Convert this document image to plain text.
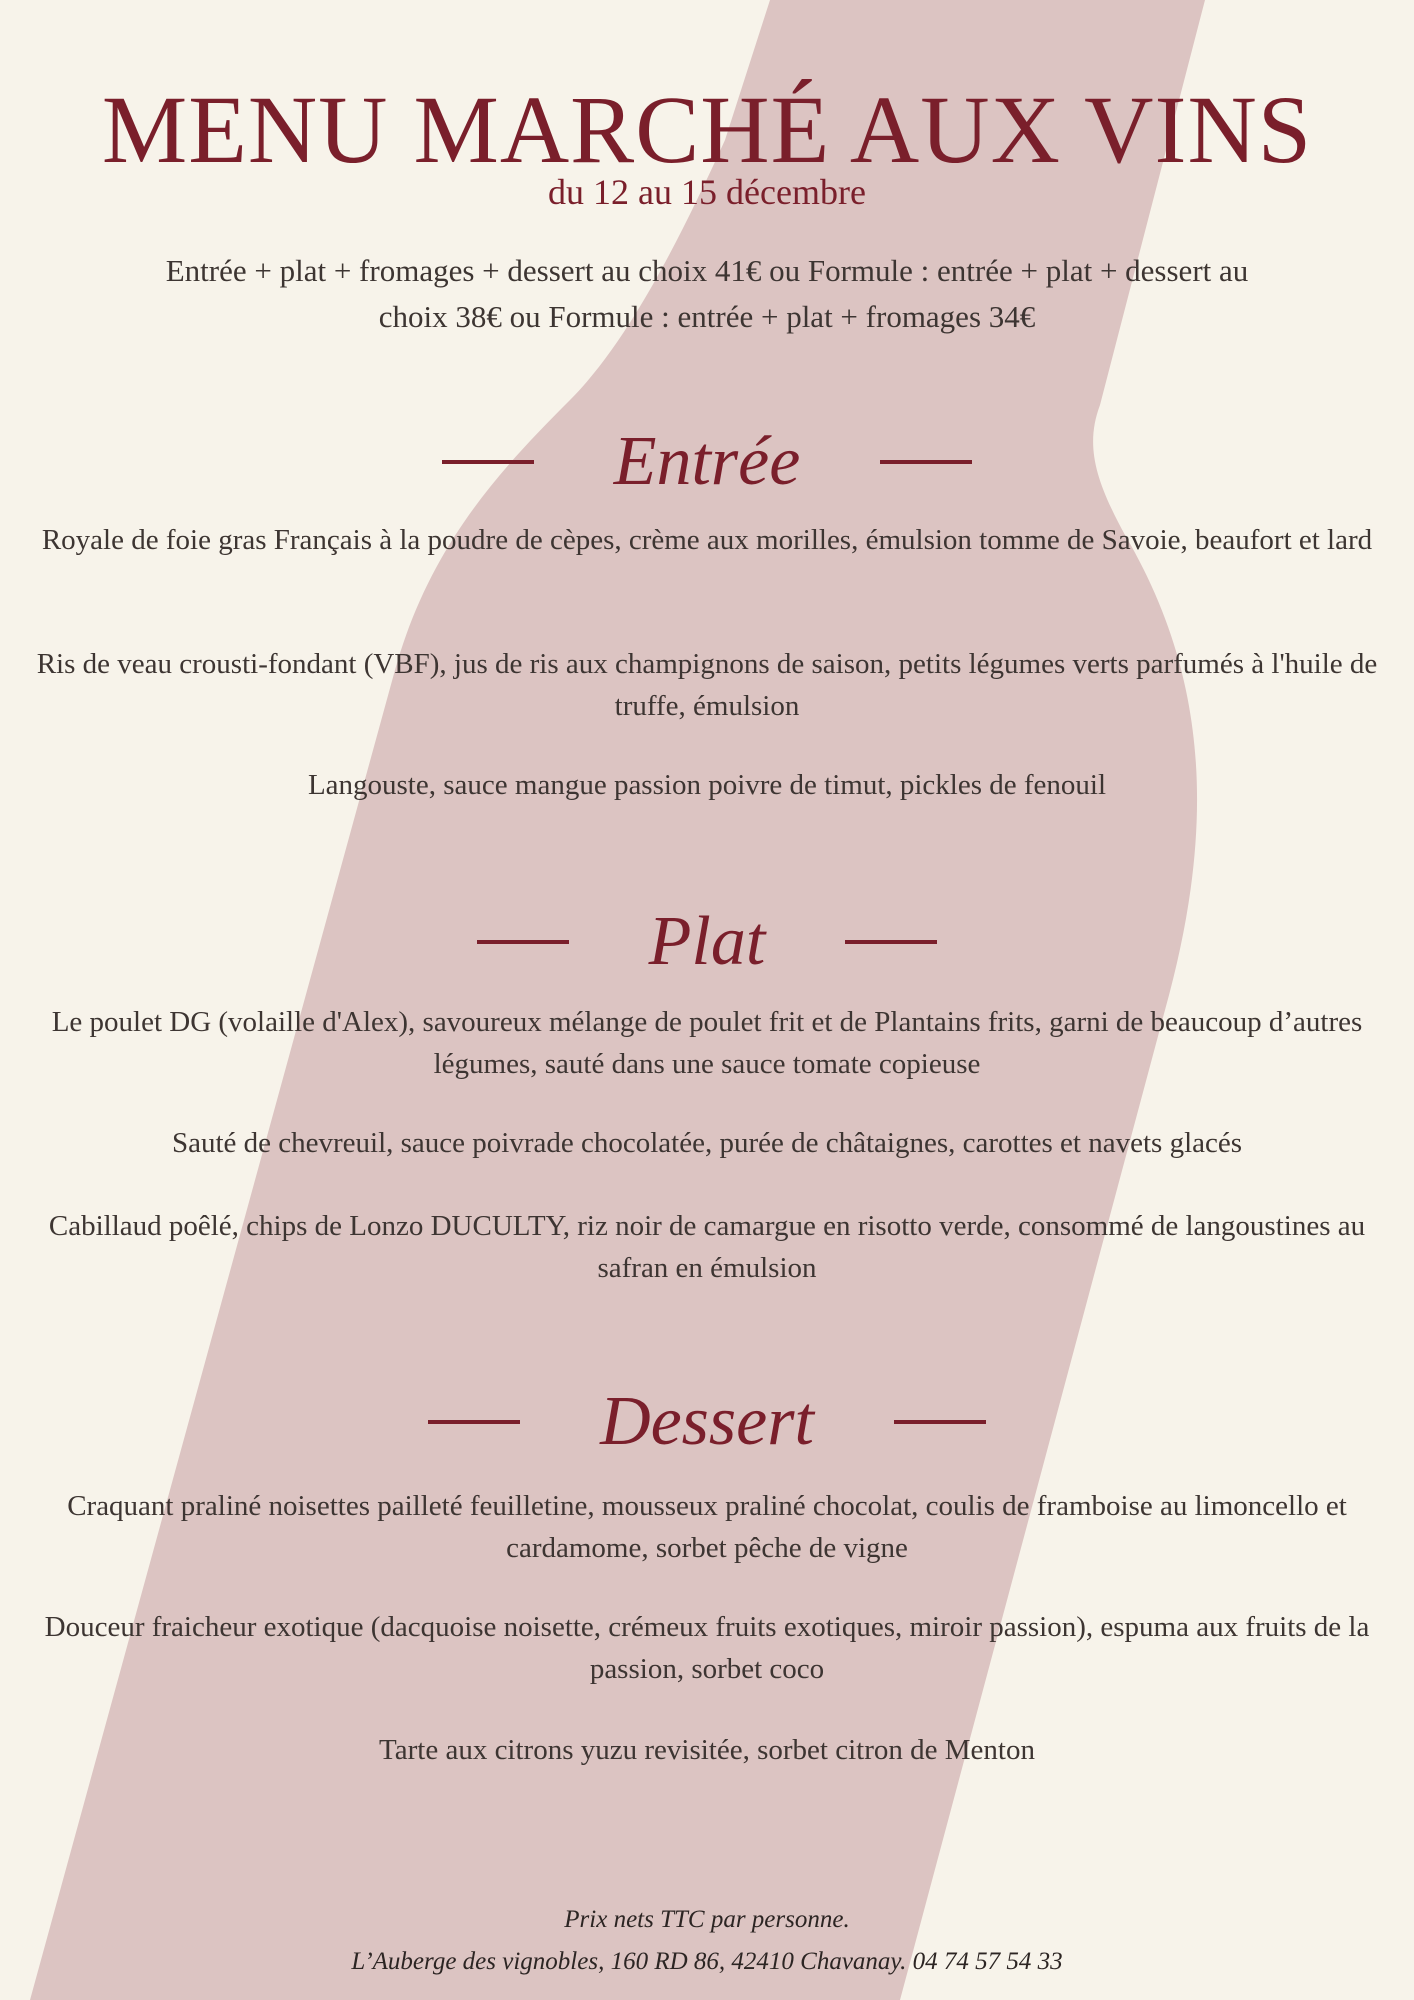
MENU MARCHÉ AUX VINS
du 12 au 15 décembre
Entrée + plat + fromages + dessert au choix 41€ ou Formule : entrée + plat + dessert au choix 38€ ou Formule : entrée + plat + fromages 34€
Entrée
Royale de foie gras Français à la poudre de cèpes, crème aux morilles, émulsion tomme de Savoie, beaufort et lard
Ris de veau crousti-fondant (VBF), jus de ris aux champignons de saison, petits légumes verts parfumés à l'huile de truffe, émulsion
Langouste, sauce mangue passion poivre de timut, pickles de fenouil
Plat
Le poulet DG (volaille d'Alex), savoureux mélange de poulet frit et de Plantains frits, garni de beaucoup d’autres légumes, sauté dans une sauce tomate copieuse
Sauté de chevreuil, sauce poivrade chocolatée, purée de châtaignes, carottes et navets glacés
Cabillaud poêlé, chips de Lonzo DUCULTY, riz noir de camargue en risotto verde, consommé de langoustines au safran en émulsion
Dessert
Craquant praliné noisettes pailleté feuilletine, mousseux praliné chocolat, coulis de framboise au limoncello et cardamome, sorbet pêche de vigne
Douceur fraicheur exotique (dacquoise noisette, crémeux fruits exotiques, miroir passion), espuma aux fruits de la passion, sorbet coco
Tarte aux citrons yuzu revisitée, sorbet citron de Menton
Prix nets TTC par personne.
L’Auberge des vignobles, 160 RD 86, 42410 Chavanay. 04 74 57 54 33
